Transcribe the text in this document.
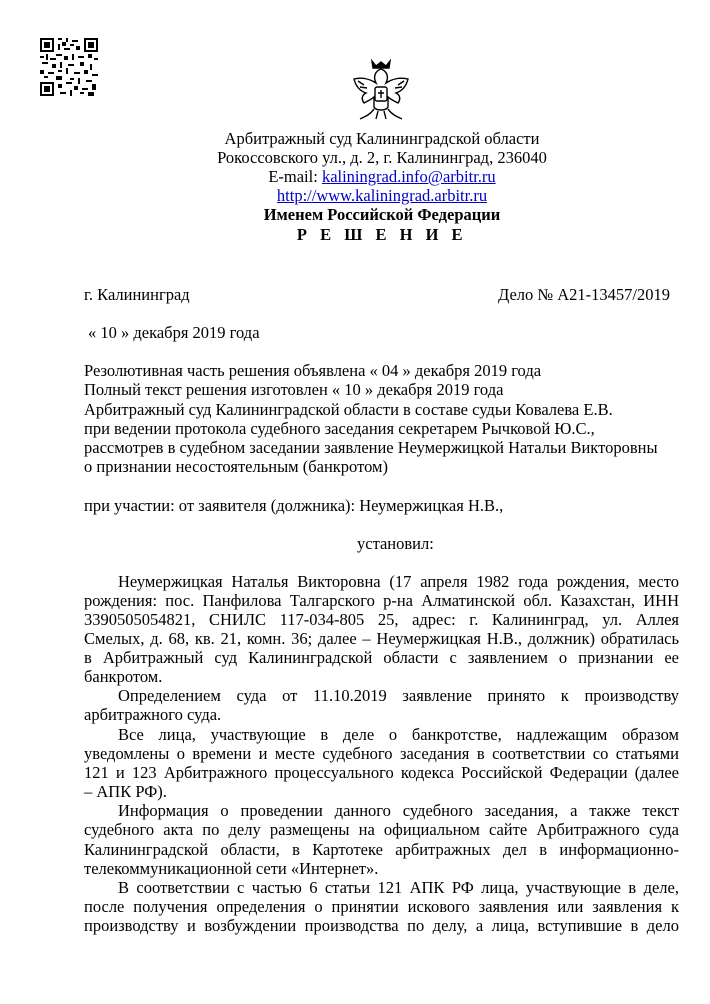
Арбитражный суд Калининградской области
Рокоссовского ул., д. 2, г. Калининград, 236040
E-mail: kaliningrad.info@arbitr.ru
http://www.kaliningrad.arbitr.ru
Именем Российской Федерации
Р Е Ш Е Н И Е
г. Калининград	Дело № А21-13457/2019
« 10 » декабря 2019 года
Резолютивная часть решения объявлена « 04 » декабря 2019 года
Полный текст решения изготовлен « 10 » декабря 2019 года
Арбитражный суд Калининградской области в составе судьи Ковалева Е.В.
при ведении протокола судебного заседания секретарем Рычковой Ю.С.,
рассмотрев в судебном заседании заявление Неумержицкой Натальи Викторовны
о признании несостоятельным (банкротом)
при участии: от заявителя (должника): Неумержицкая Н.В.,
установил:
Неумержицкая Наталья Викторовна (17 апреля 1982 года рождения, место
рождения: пос. Панфилова Талгарского р-на Алматинской обл. Казахстан, ИНН
3390505054821, СНИЛС 117-034-805 25, адрес: г. Калининград, ул. Аллея
Смелых, д. 68, кв. 21, комн. 36; далее – Неумержицкая Н.В., должник) обратилась
в Арбитражный суд Калининградской области с заявлением о признании ее
банкротом.
Определением суда от 11.10.2019 заявление принято к производству
арбитражного суда.
Все лица, участвующие в деле о банкротстве, надлежащим образом
уведомлены о времени и месте судебного заседания в соответствии со статьями
121 и 123 Арбитражного процессуального кодекса Российской Федерации (далее
– АПК РФ).
Информация о проведении данного судебного заседания, а также текст
судебного акта по делу размещены на официальном сайте Арбитражного суда
Калининградской области, в Картотеке арбитражных дел в информационно-
телекоммуникационной сети «Интернет».
В соответствии с частью 6 статьи 121 АПК РФ лица, участвующие в деле,
после получения определения о принятии искового заявления или заявления к
производству и возбуждении производства по делу, а лица, вступившие в дело
